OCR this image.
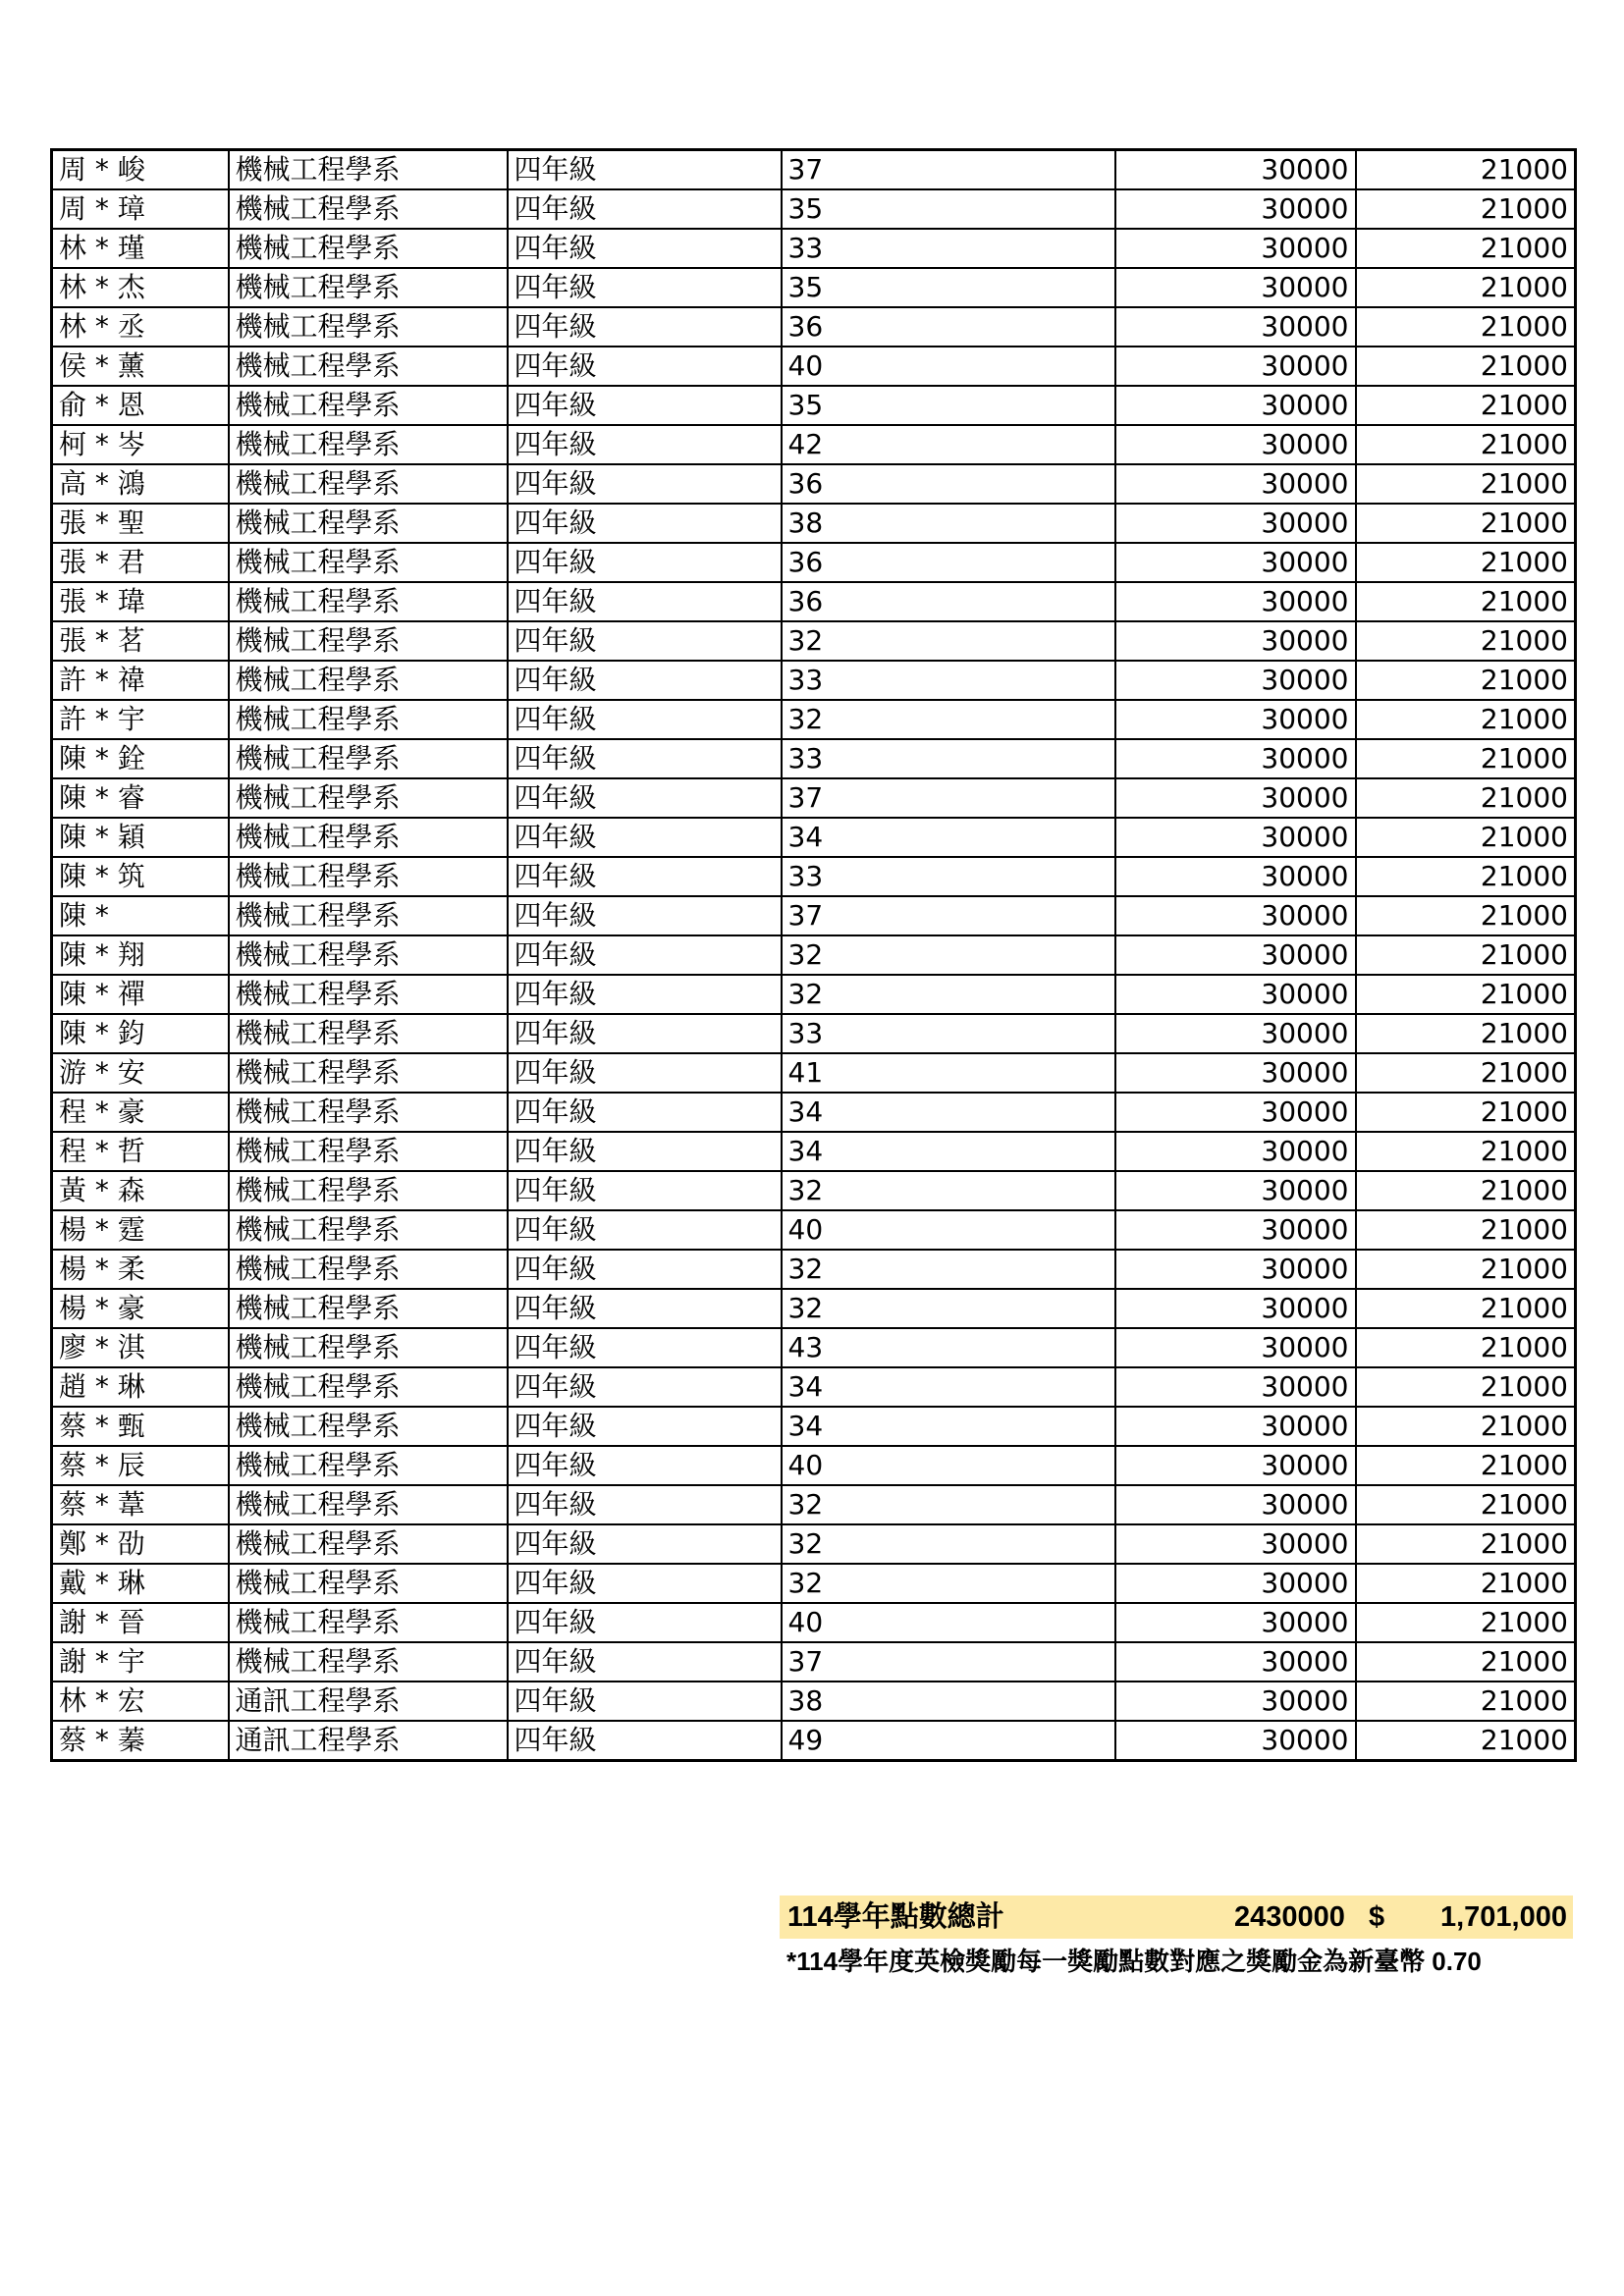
周 * 峻	機械工程學系	四年級	37	30000	21000
周 * 璋	機械工程學系	四年級	35	30000	21000
林 * 瑾	機械工程學系	四年級	33	30000	21000
林 * 杰	機械工程學系	四年級	35	30000	21000
林 * 丞	機械工程學系	四年級	36	30000	21000
侯 * 薰	機械工程學系	四年級	40	30000	21000
俞 * 恩	機械工程學系	四年級	35	30000	21000
柯 * 岑	機械工程學系	四年級	42	30000	21000
高 * 鴻	機械工程學系	四年級	36	30000	21000
張 * 聖	機械工程學系	四年級	38	30000	21000
張 * 君	機械工程學系	四年級	36	30000	21000
張 * 瑋	機械工程學系	四年級	36	30000	21000
張 * 茗	機械工程學系	四年級	32	30000	21000
許 * 禕	機械工程學系	四年級	33	30000	21000
許 * 宇	機械工程學系	四年級	32	30000	21000
陳 * 銓	機械工程學系	四年級	33	30000	21000
陳 * 睿	機械工程學系	四年級	37	30000	21000
陳 * 穎	機械工程學系	四年級	34	30000	21000
陳 * 筑	機械工程學系	四年級	33	30000	21000
陳 *	機械工程學系	四年級	37	30000	21000
陳 * 翔	機械工程學系	四年級	32	30000	21000
陳 * 禪	機械工程學系	四年級	32	30000	21000
陳 * 鈞	機械工程學系	四年級	33	30000	21000
游 * 安	機械工程學系	四年級	41	30000	21000
程 * 豪	機械工程學系	四年級	34	30000	21000
程 * 哲	機械工程學系	四年級	34	30000	21000
黃 * 森	機械工程學系	四年級	32	30000	21000
楊 * 霆	機械工程學系	四年級	40	30000	21000
楊 * 柔	機械工程學系	四年級	32	30000	21000
楊 * 豪	機械工程學系	四年級	32	30000	21000
廖 * 淇	機械工程學系	四年級	43	30000	21000
趙 * 琳	機械工程學系	四年級	34	30000	21000
蔡 * 甄	機械工程學系	四年級	34	30000	21000
蔡 * 辰	機械工程學系	四年級	40	30000	21000
蔡 * 葦	機械工程學系	四年級	32	30000	21000
鄭 * 劭	機械工程學系	四年級	32	30000	21000
戴 * 琳	機械工程學系	四年級	32	30000	21000
謝 * 晉	機械工程學系	四年級	40	30000	21000
謝 * 宇	機械工程學系	四年級	37	30000	21000
林 * 宏	通訊工程學系	四年級	38	30000	21000
蔡 * 蓁	通訊工程學系	四年級	49	30000	21000
114學年點數總計	2430000 $ 1,701,000
*114學年度英檢獎勵每一獎勵點數對應之獎勵金為新臺幣 0.70
